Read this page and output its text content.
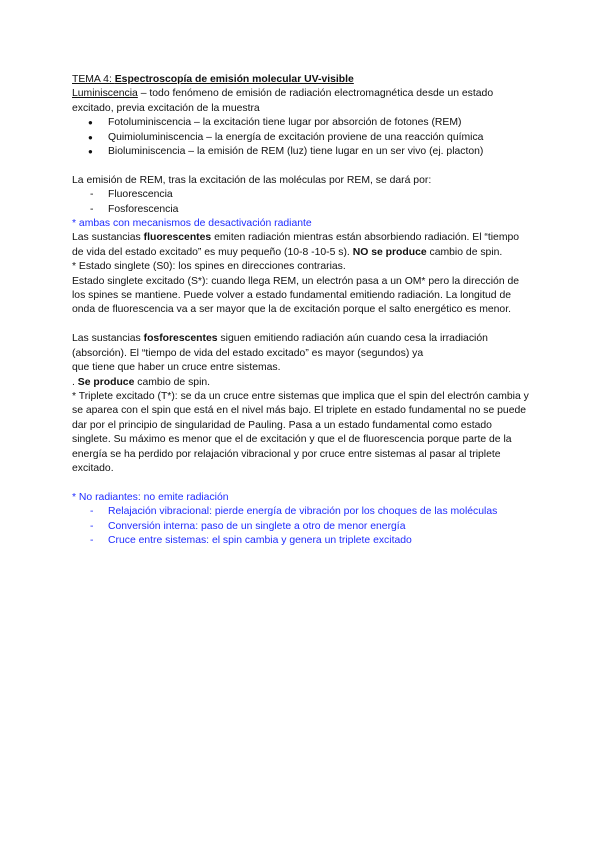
TEMA 4: Espectroscopía de emisión molecular UV-visible

Luminiscencia – todo fenómeno de emisión de radiación electromagnética desde un estado excitado, previa excitación de la muestra

● Fotoluminiscencia – la excitación tiene lugar por absorción de fotones (REM)
● Quimioluminiscencia – la energía de excitación proviene de una reacción química
● Bioluminiscencia – la emisión de REM (luz) tiene lugar en un ser vivo (ej. placton)

La emisión de REM, tras la excitación de las moléculas por REM, se dará por:

- Fluorescencia
- Fosforescencia

* ambas con mecanismos de desactivación radiante

Las sustancias fluorescentes emiten radiación mientras están absorbiendo radiación. El “tiempo de vida del estado excitado” es muy pequeño (10-8 -10-5 s). NO se produce cambio de spin.

* Estado singlete (S0): los spines en direcciones contrarias.

Estado singlete excitado (S*): cuando llega REM, un electrón pasa a un OM* pero la dirección de los spines se mantiene. Puede volver a estado fundamental emitiendo radiación. La longitud de onda de fluorescencia va a ser mayor que la de excitación porque el salto energético es menor.

Las sustancias fosforescentes siguen emitiendo radiación aún cuando cesa la irradiación (absorción). El “tiempo de vida del estado excitado” es mayor (segundos) ya

que tiene que haber un cruce entre sistemas.

. Se produce cambio de spin.

* Triplete excitado (T*): se da un cruce entre sistemas que implica que el spin del electrón cambia y se aparea con el spin que está en el nivel más bajo. El triplete en estado fundamental no se puede dar por el principio de singularidad de Pauling. Pasa a un estado fundamental como estado singlete. Su máximo es menor que el de excitación y que el de fluorescencia porque parte de la energía se ha perdido por relajación vibracional y por cruce entre sistemas al pasar al triplete excitado.

* No radiantes: no emite radiación

- Relajación vibracional: pierde energía de vibración por los choques de las moléculas
- Conversión interna: paso de un singlete a otro de menor energía
- Cruce entre sistemas: el spin cambia y genera un triplete excitado
